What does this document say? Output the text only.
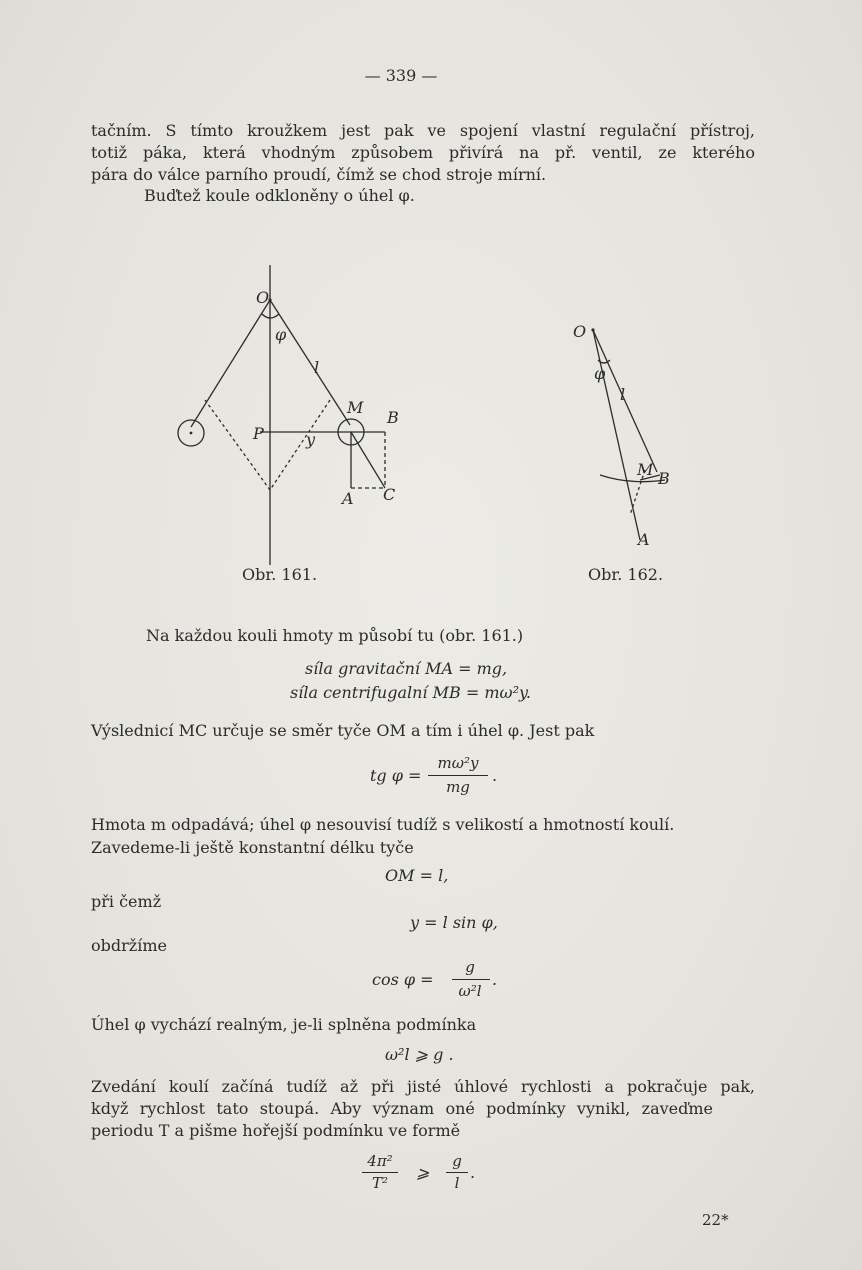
— 339 —
tačním. S tímto kroužkem jest pak ve spojení vlastní regulační přístroj,
totiž páka, která vhodným způsobem přivírá na př. ventil, ze kterého
pára do válce parního proudí, čímž se chod stroje mírní.
Buďtež koule odkloněny o úhel φ.
O
φ
l
M
B
P	y
A C
Obr. 161.
O
φ
l
M B
A
Obr. 162.
Na každou kouli hmoty m působí tu (obr. 161.)
síla gravitační MA = mg,
síla centrifugalní MB = mω²y.
Výslednicí MC určuje se směr tyče OM a tím i úhel φ. Jest pak
tg φ =
mω²y
mg
.
Hmota m odpadává; úhel φ nesouvisí tudíž s velikostí a hmotností koulí.
Zavedeme-li ještě konstantní délku tyče
OM = l,
při čemž
y = l sin φ,
obdržíme
cos φ =
g
ω²l
.
Úhel φ vychází realným, je-li splněna podmínka
ω²l ⩾ g .
Zvedání koulí začíná tudíž až při jisté úhlové rychlosti a pokračuje pak,
když rychlost tato stoupá. Aby význam oné podmínky vynikl, zaveďme
periodu T a pišme hořejší podmínku ve formě
4π²
T²
⩾
g
l
.
22*
